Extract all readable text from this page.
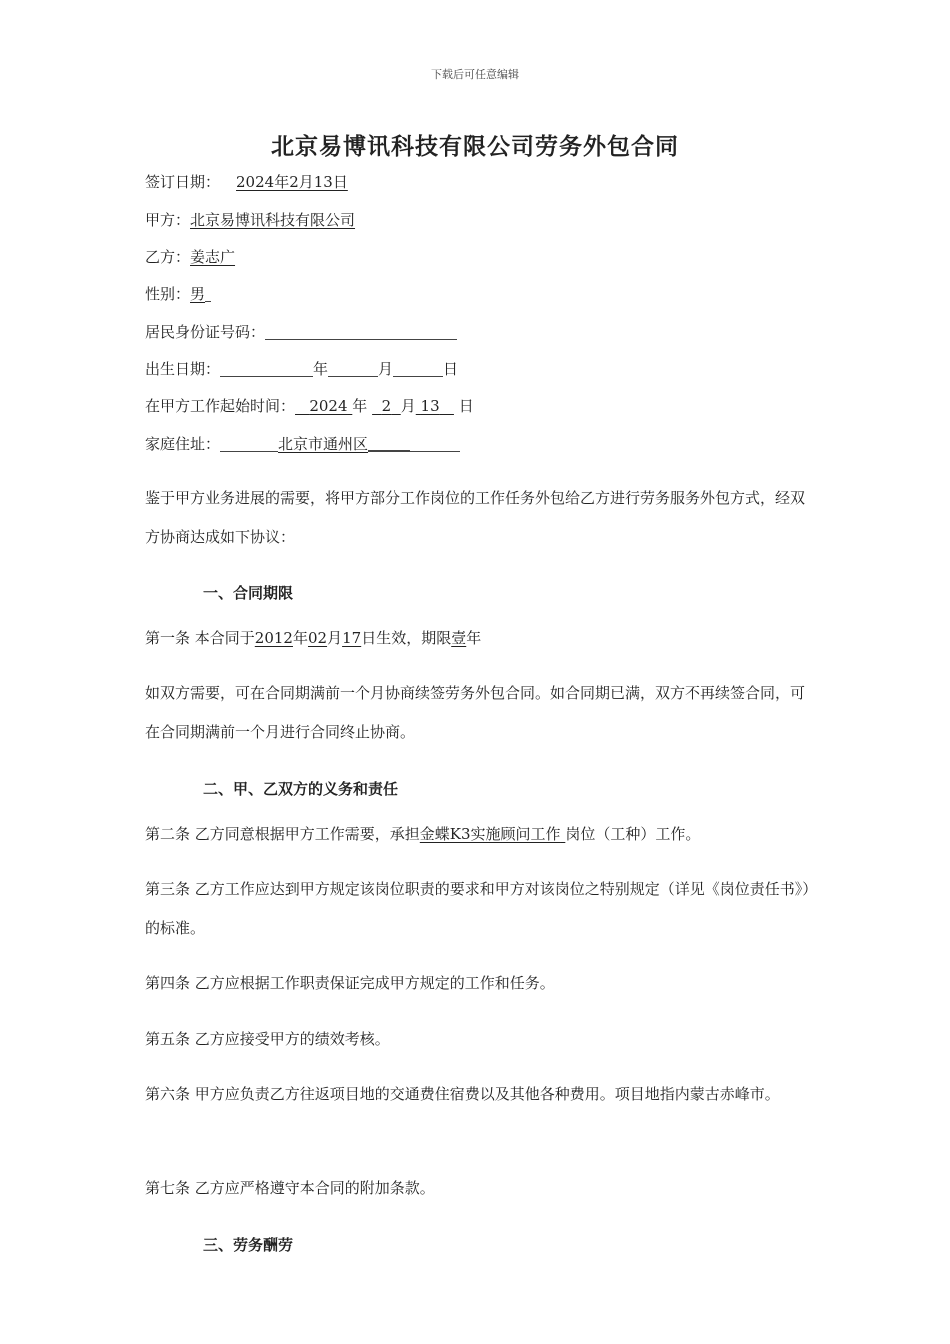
下载后可任意编辑
北京易博讯科技有限公司劳务外包合同
签订日期： 2024年2月13日
甲方：北京易博讯科技有限公司
乙方：姜志广
性别：男
居民身份证号码：
出生日期：	年	月	日
在甲方工作起始时间： 2024 年 2 月 13 日
家庭住址：	北京市通州区
鉴于甲方业务进展的需要，将甲方部分工作岗位的工作任务外包给乙方进行劳务服务外包方式，经双方协商达成如下协议：
一、合同期限
第一条 本合同于2012年02月17日生效，期限壹年
如双方需要，可在合同期满前一个月协商续签劳务外包合同。如合同期已满，双方不再续签合同，可在合同期满前一个月进行合同终止协商。
二、甲、乙双方的义务和责任
第二条 乙方同意根据甲方工作需要，承担金蝶K3实施顾问工作 岗位（工种）工作。
第三条 乙方工作应达到甲方规定该岗位职责的要求和甲方对该岗位之特别规定（详见《岗位责任书》）的标准。
第四条 乙方应根据工作职责保证完成甲方规定的工作和任务。
第五条 乙方应接受甲方的绩效考核。
第六条 甲方应负责乙方往返项目地的交通费住宿费以及其他各种费用。项目地指内蒙古赤峰市。
第七条 乙方应严格遵守本合同的附加条款。
三、劳务酬劳
